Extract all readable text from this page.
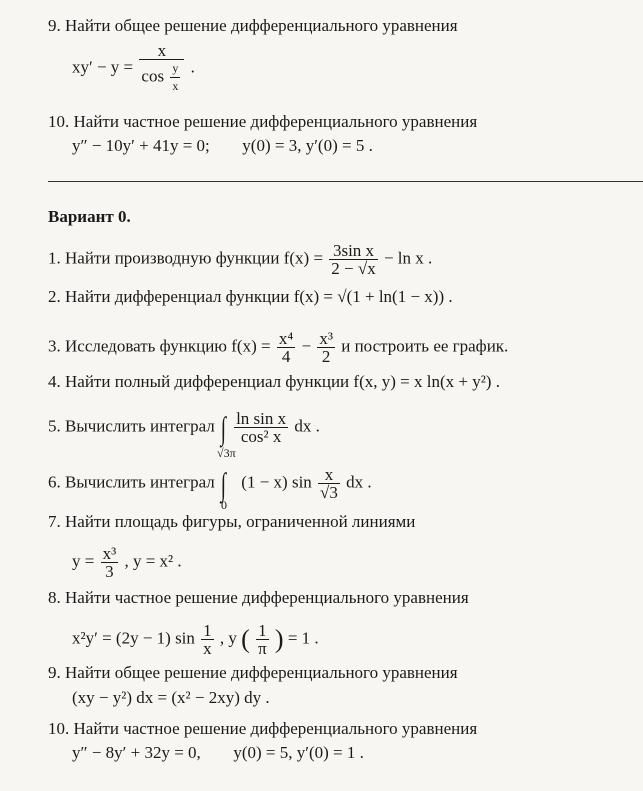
9. Найти общее решение дифференциального уравнения
$xy' - y = \frac{x}{\cos \frac{y}{x}}$ .
10. Найти частное решение дифференциального уравнения
y″ − 10y′ + 41y = 0; y(0) = 3, y′(0) = 5 .
Вариант 0.
1. Найти производную функции $f(x) = \frac{\text{3sin x}}{2 - √x} - \ln x$ .
2. Найти дифференциал функции f(x) = √(1 + ln(1 − x)) .
3. Исследовать функцию $f(x) = \frac{\text{x⁴}}{4} - \frac{\text{x³}}{2}$ и построить ее график.
4. Найти полный дифференциал функции f(x, y) = x ln(x + y²) .
5. Вычислить интеграл ∫ $\frac{\text{ln sin x}}{\text{cos² x}}$ dx .
6. Вычислить интеграл
√3π
∫
0
(1 − x) $\sin \frac{x}{√3}$ dx .
7. Найти площадь фигуры, ограниченной линиями
$y = \frac{\text{x³}}{3}$ , y = x² .
8. Найти частное решение дифференциального уравнения
x²y′ = (2y − 1) $\sin \frac{1}{x}$ , y ( $\frac{1}{\pi}$ ) = 1 .
9. Найти общее решение дифференциального уравнения
(xy − y²) dx = (x² − 2xy) dy .
10. Найти частное решение дифференциального уравнения
y″ − 8y′ + 32y = 0, y(0) = 5, y′(0) = 1 .
